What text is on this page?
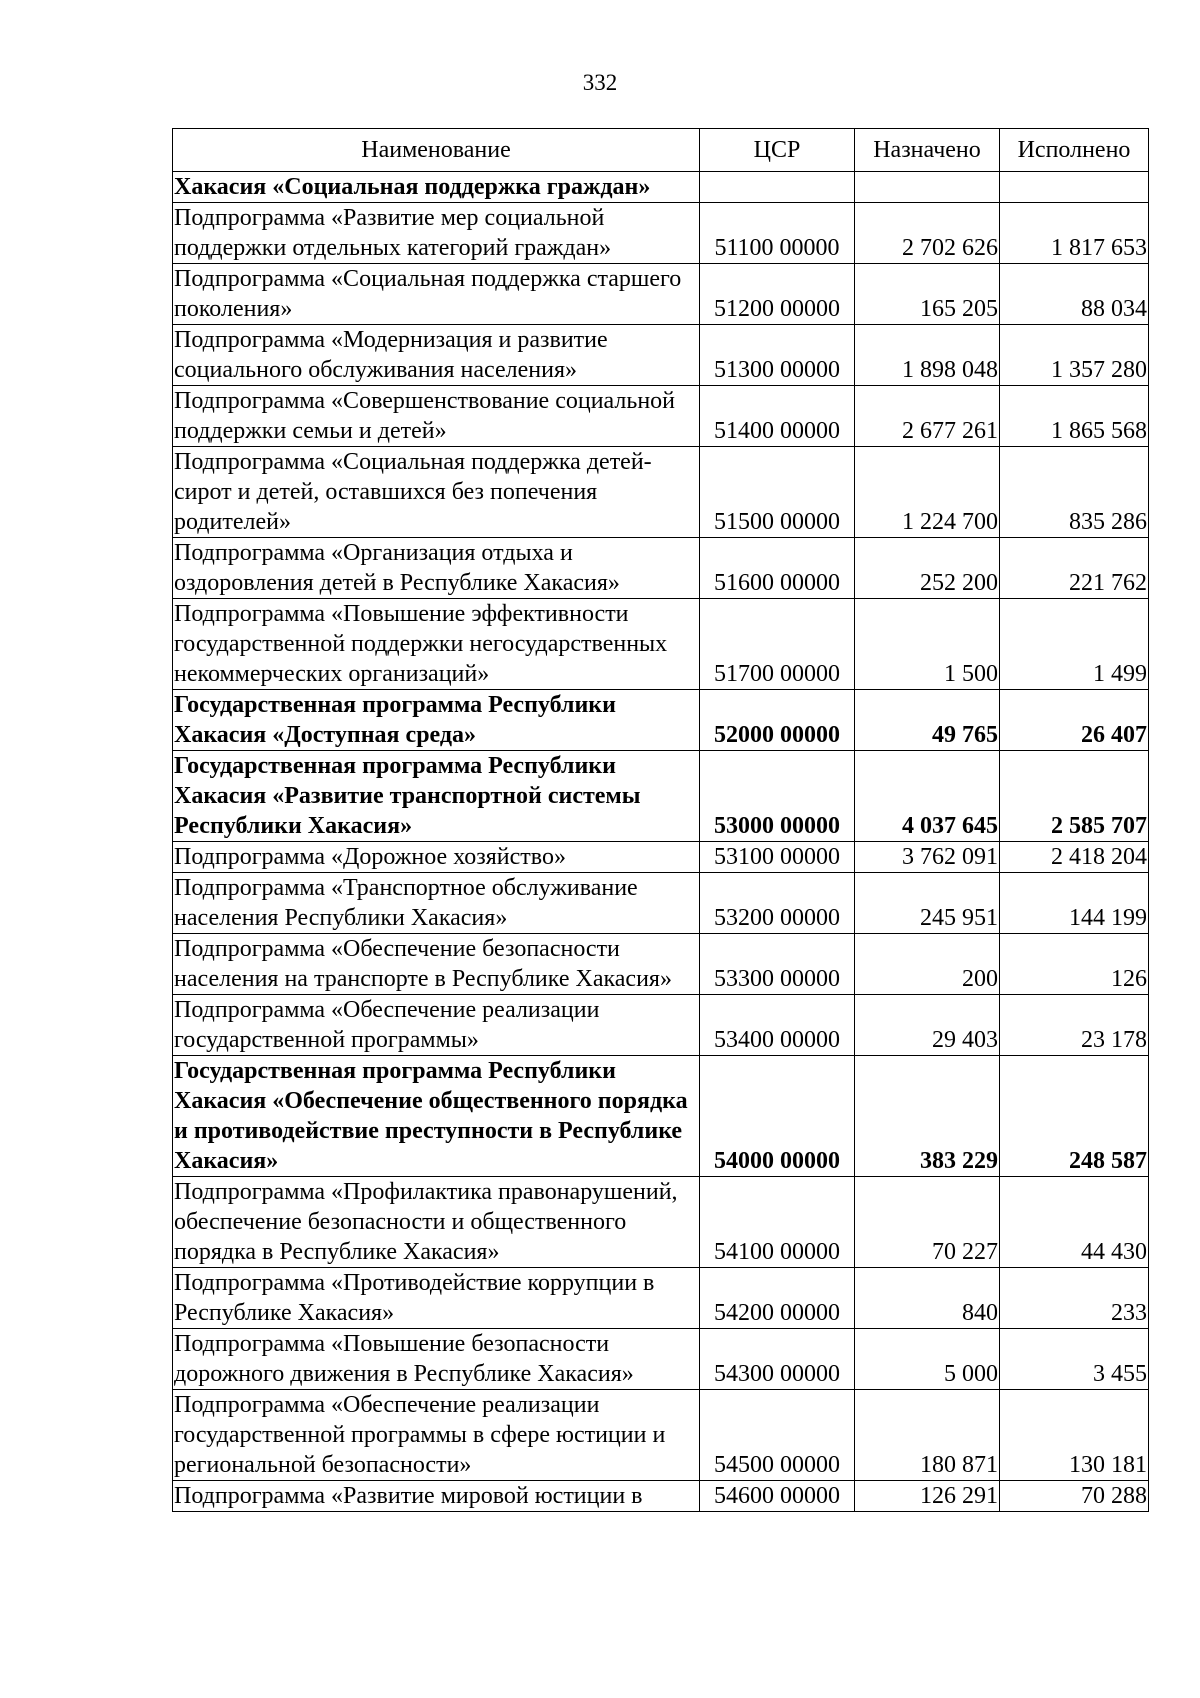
332
Наименование	ЦСР	Назначено	Исполнено
Хакасия «Социальная поддержка граждан»			
Подпрограмма «Развитие мер социальной поддержки отдельных категорий граждан»	51100 00000	2 702 626	1 817 653
Подпрограмма «Социальная поддержка старшего поколения»	51200 00000	165 205	88 034
Подпрограмма «Модернизация и развитие социального обслуживания населения»	51300 00000	1 898 048	1 357 280
Подпрограмма «Совершенствование социальной поддержки семьи и детей»	51400 00000	2 677 261	1 865 568
Подпрограмма «Социальная поддержка детей-сирот и детей, оставшихся без попечения родителей»	51500 00000	1 224 700	835 286
Подпрограмма «Организация отдыха и оздоровления детей в Республике Хакасия»	51600 00000	252 200	221 762
Подпрограмма «Повышение эффективности государственной поддержки негосударственных некоммерческих организаций»	51700 00000	1 500	1 499
Государственная программа Республики Хакасия «Доступная среда»	52000 00000	49 765	26 407
Государственная программа Республики Хакасия «Развитие транспортной системы Республики Хакасия»	53000 00000	4 037 645	2 585 707
Подпрограмма «Дорожное хозяйство»	53100 00000	3 762 091	2 418 204
Подпрограмма «Транспортное обслуживание населения Республики Хакасия»	53200 00000	245 951	144 199
Подпрограмма «Обеспечение безопасности населения на транспорте в Республике Хакасия»	53300 00000	200	126
Подпрограмма «Обеспечение реализации государственной программы»	53400 00000	29 403	23 178
Государственная программа Республики Хакасия «Обеспечение общественного порядка и противодействие преступности в Республике Хакасия»	54000 00000	383 229	248 587
Подпрограмма «Профилактика правонарушений, обеспечение безопасности и общественного порядка в Республике Хакасия»	54100 00000	70 227	44 430
Подпрограмма «Противодействие коррупции в Республике Хакасия»	54200 00000	840	233
Подпрограмма «Повышение безопасности дорожного движения в Республике Хакасия»	54300 00000	5 000	3 455
Подпрограмма «Обеспечение реализации государственной программы в сфере юстиции и региональной безопасности»	54500 00000	180 871	130 181
Подпрограмма «Развитие мировой юстиции в	54600 00000	126 291	70 288
